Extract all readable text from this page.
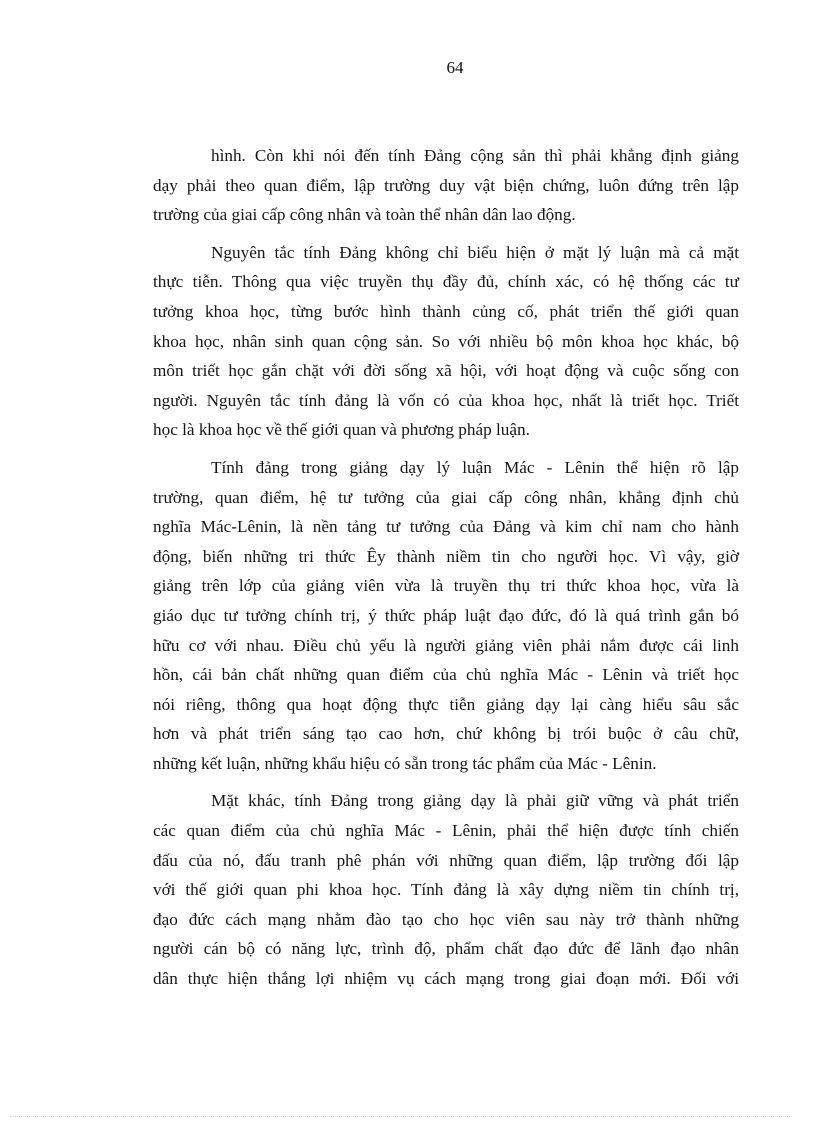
64

hình. Còn khi nói đến tính Đảng cộng sản thì phải khẳng định giảng
dạy phải theo quan điểm, lập trường duy vật biện chứng, luôn đứng trên lập
trường của giai cấp công nhân và toàn thể nhân dân lao động.

Nguyên tắc tính Đảng không chỉ biểu hiện ở mặt lý luận mà cả mặt
thực tiễn. Thông qua việc truyền thụ đầy đủ, chính xác, có hệ thống các tư
tưởng khoa học, từng bước hình thành củng cố, phát triển thế giới quan
khoa học, nhân sinh quan cộng sản. So với nhiều bộ môn khoa học khác, bộ
môn triết học gắn chặt với đời sống xã hội, với hoạt động và cuộc sống con
người. Nguyên tắc tính đảng là vốn có của khoa học, nhất là triết học. Triết
học là khoa học về thế giới quan và phương pháp luận.

Tính đảng trong giảng dạy lý luận Mác - Lênin thể hiện rõ lập
trường, quan điểm, hệ tư tưởng của giai cấp công nhân, khẳng định chủ
nghĩa Mác-Lênin, là nền tảng tư tưởng của Đảng và kim chỉ nam cho hành
động, biến những tri thức Êy thành niềm tin cho người học. Vì vậy, giờ
giảng trên lớp của giảng viên vừa là truyền thụ tri thức khoa học, vừa là
giáo dục tư tưởng chính trị, ý thức pháp luật đạo đức, đó là quá trình gắn bó
hữu cơ với nhau. Điều chủ yếu là người giảng viên phải nắm được cái linh
hồn, cái bản chất những quan điểm của chủ nghĩa Mác - Lênin và triết học
nói riêng, thông qua hoạt động thực tiễn giảng dạy lại càng hiểu sâu sắc
hơn và phát triển sáng tạo cao hơn, chứ không bị trói buộc ở câu chữ,
những kết luận, những khẩu hiệu có sẵn trong tác phẩm của Mác - Lênin.

Mặt khác, tính Đảng trong giảng dạy là phải giữ vững và phát triển
các quan điểm của chủ nghĩa Mác - Lênin, phải thể hiện được tính chiến
đấu của nó, đấu tranh phê phán với những quan điểm, lập trường đối lập
với thế giới quan phi khoa học. Tính đảng là xây dựng niềm tin chính trị,
đạo đức cách mạng nhằm đào tạo cho học viên sau này trở thành những
người cán bộ có năng lực, trình độ, phẩm chất đạo đức để lãnh đạo nhân
dân thực hiện thắng lợi nhiệm vụ cách mạng trong giai đoạn mới. Đối với
